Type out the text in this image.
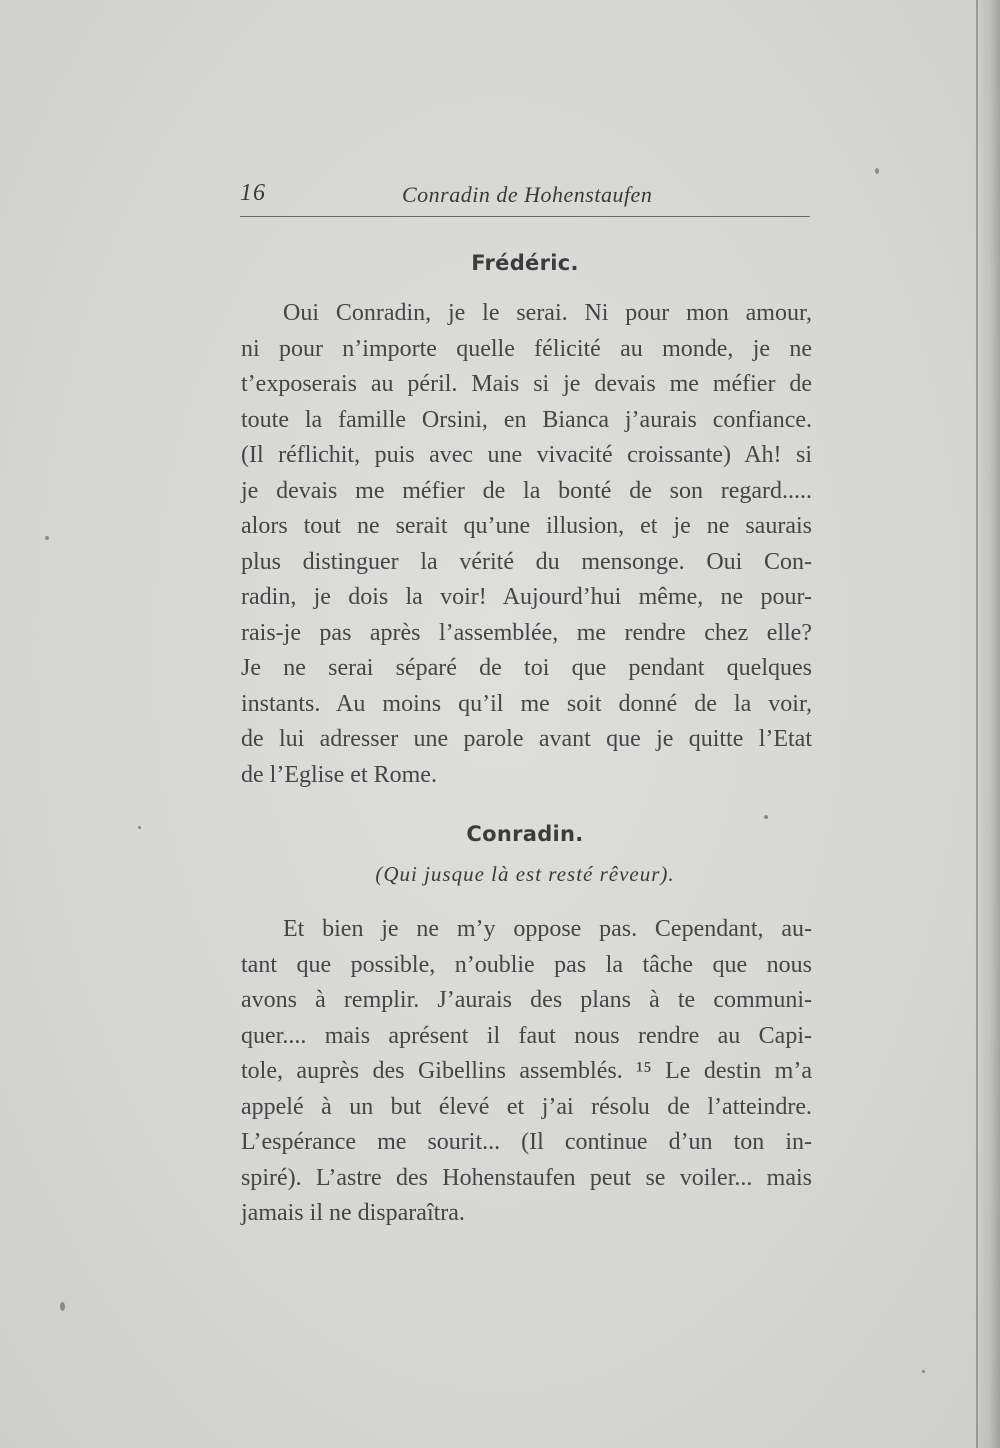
16	Conradin de Hohenstaufen
Frédéric.
Oui Conradin, je le serai. Ni pour mon amour,
ni pour n’importe quelle félicité au monde, je ne
t’exposerais au péril. Mais si je devais me méfier de
toute la famille Orsini, en Bianca j’aurais confiance.
(Il réflichit, puis avec une vivacité croissante) Ah! si
je devais me méfier de la bonté de son regard.....
alors tout ne serait qu’une illusion, et je ne saurais
plus distinguer la vérité du mensonge. Oui Con-
radin, je dois la voir! Aujourd’hui même, ne pour-
rais-je pas après l’assemblée, me rendre chez elle?
Je ne serai séparé de toi que pendant quelques
instants. Au moins qu’il me soit donné de la voir,
de lui adresser une parole avant que je quitte l’Etat
de l’Eglise et Rome.
Conradin.
(Qui jusque là est resté rêveur).
Et bien je ne m’y oppose pas. Cependant, au-
tant que possible, n’oublie pas la tâche que nous
avons à remplir. J’aurais des plans à te communi-
quer.... mais aprésent il faut nous rendre au Capi-
tole, auprès des Gibellins assemblés. ¹⁵ Le destin m’a
appelé à un but élevé et j’ai résolu de l’atteindre.
L’espérance me sourit... (Il continue d’un ton in-
spiré). L’astre des Hohenstaufen peut se voiler... mais
jamais il ne disparaîtra.
